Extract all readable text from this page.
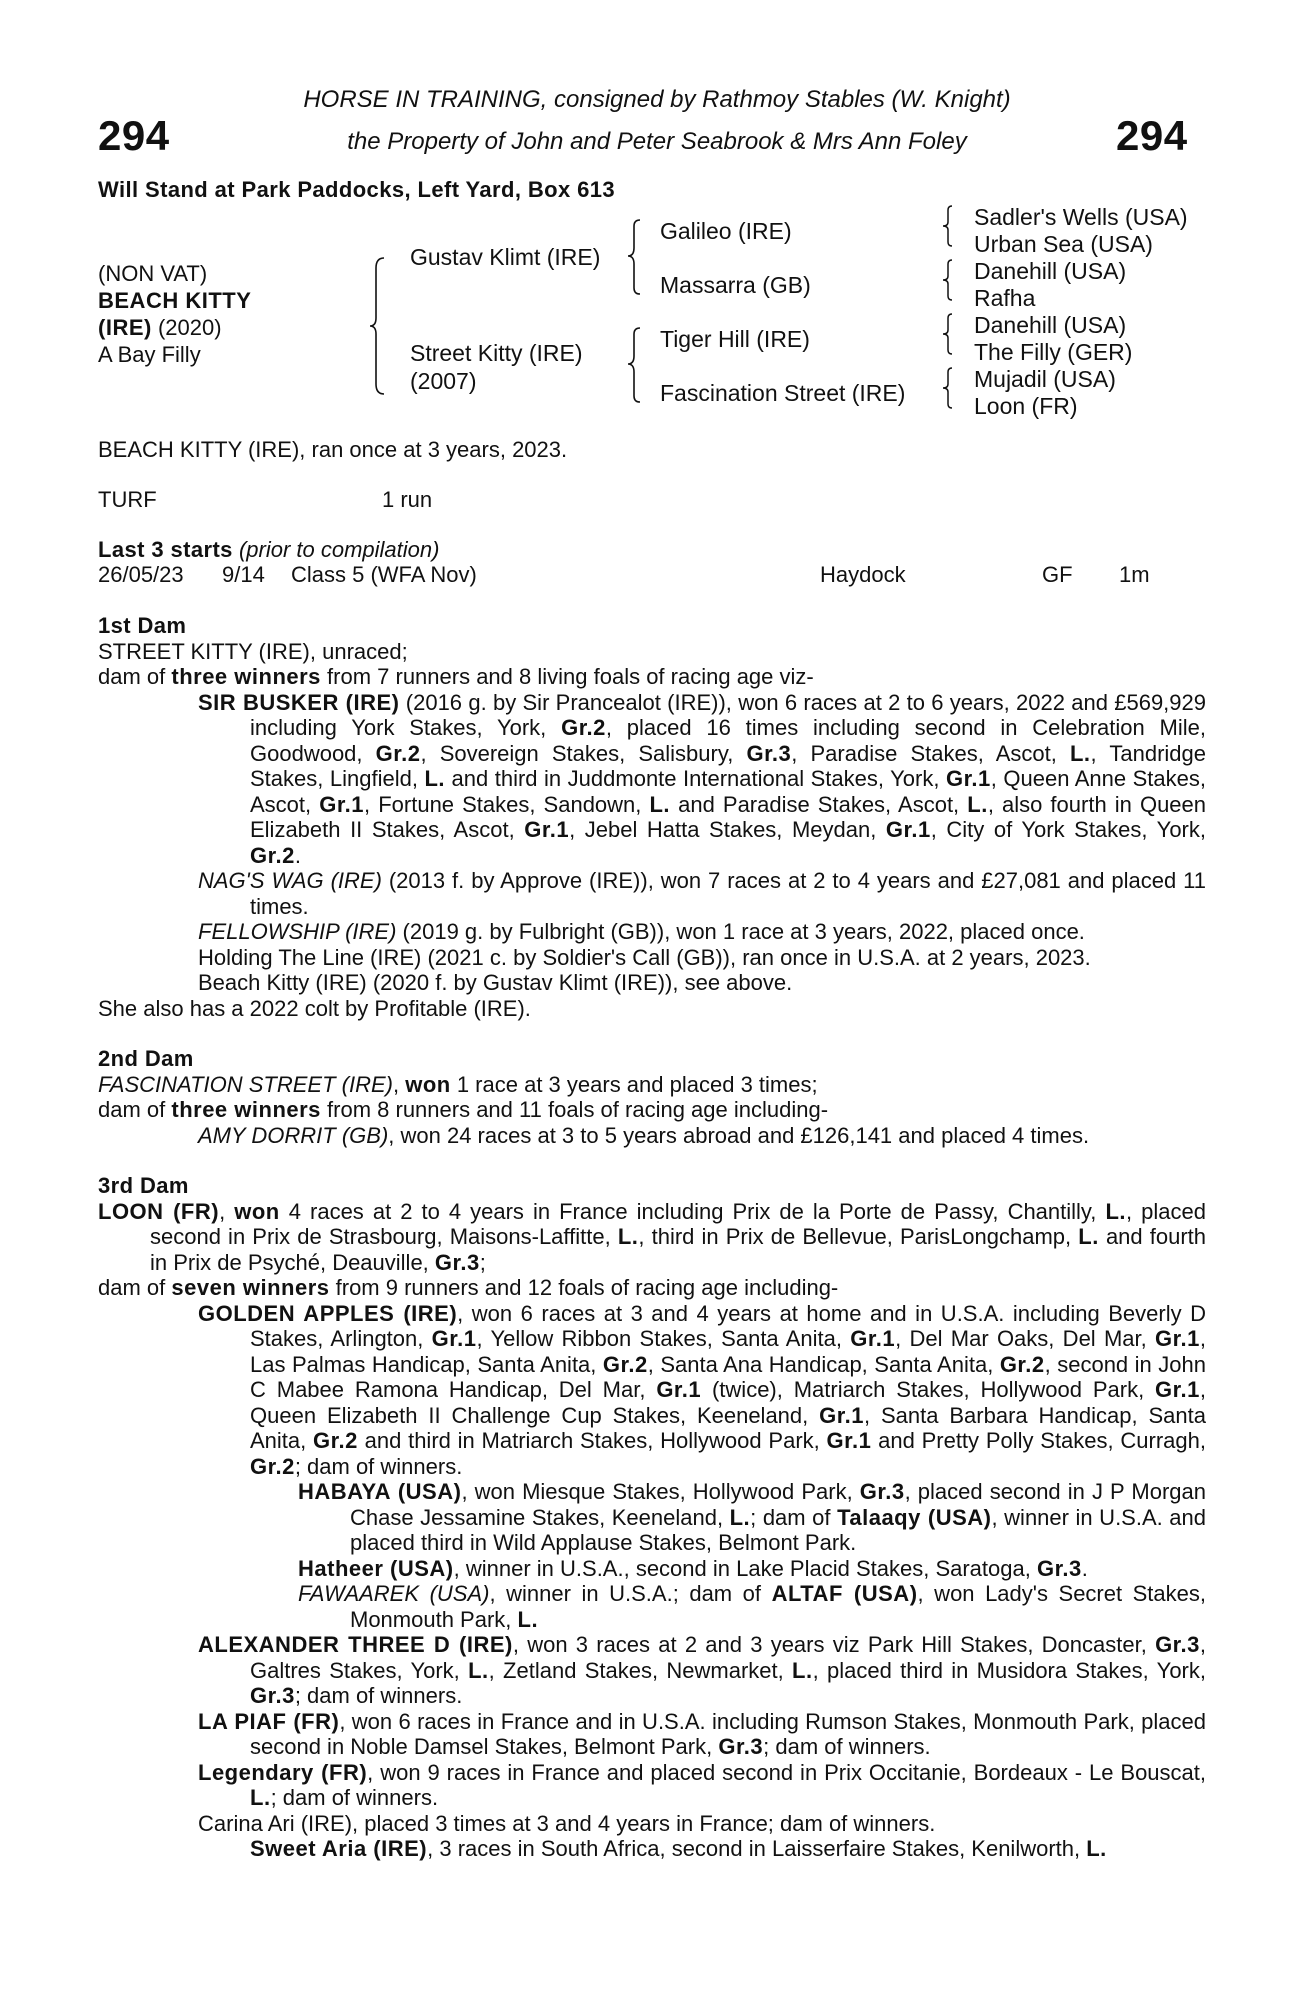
294	294
HORSE IN TRAINING, consigned by Rathmoy Stables (W. Knight)
the Property of John and Peter Seabrook & Mrs Ann Foley
Will Stand at Park Paddocks, Left Yard, Box 613
(NON VAT)
BEACH KITTY
(IRE) (2020)
A Bay Filly
Gustav Klimt (IRE)
Street Kitty (IRE)
(2007)
Galileo (IRE)
Massarra (GB)
Tiger Hill (IRE)
Fascination Street (IRE)
Sadler's Wells (USA)
Urban Sea (USA)
Danehill (USA)
Rafha
Danehill (USA)
The Filly (GER)
Mujadil (USA)
Loon (FR)
BEACH KITTY (IRE), ran once at 3 years, 2023.
TURF	1 run
Last 3 starts (prior to compilation)
26/05/23 9/14 Class 5 (WFA Nov)	Haydock	GF 1m

1st Dam

STREET KITTY (IRE), unraced;

dam of three winners from 7 runners and 8 living foals of racing age viz-

SIR BUSKER (IRE) (2016 g. by Sir Prancealot (IRE)), won 6 races at 2 to 6 years, 2022 and £569,929 including York Stakes, York, Gr.2, placed 16 times including second in Celebration Mile, Goodwood, Gr.2, Sovereign Stakes, Salisbury, Gr.3, Paradise Stakes, Ascot, L., Tandridge Stakes, Lingfield, L. and third in Juddmonte International Stakes, York, Gr.1, Queen Anne Stakes, Ascot, Gr.1, Fortune Stakes, Sandown, L. and Paradise Stakes, Ascot, L., also fourth in Queen Elizabeth II Stakes, Ascot, Gr.1, Jebel Hatta Stakes, Meydan, Gr.1, City of York Stakes, York, Gr.2.

NAG'S WAG (IRE) (2013 f. by Approve (IRE)), won 7 races at 2 to 4 years and £27,081 and placed 11 times.

FELLOWSHIP (IRE) (2019 g. by Fulbright (GB)), won 1 race at 3 years, 2022, placed once.

Holding The Line (IRE) (2021 c. by Soldier's Call (GB)), ran once in U.S.A. at 2 years, 2023.

Beach Kitty (IRE) (2020 f. by Gustav Klimt (IRE)), see above.

She also has a 2022 colt by Profitable (IRE).

2nd Dam

FASCINATION STREET (IRE), won 1 race at 3 years and placed 3 times;

dam of three winners from 8 runners and 11 foals of racing age including-

AMY DORRIT (GB), won 24 races at 3 to 5 years abroad and £126,141 and placed 4 times.

3rd Dam

LOON (FR), won 4 races at 2 to 4 years in France including Prix de la Porte de Passy, Chantilly, L., placed second in Prix de Strasbourg, Maisons-Laffitte, L., third in Prix de Bellevue, ParisLongchamp, L. and fourth in Prix de Psyché, Deauville, Gr.3;

dam of seven winners from 9 runners and 12 foals of racing age including-

GOLDEN APPLES (IRE), won 6 races at 3 and 4 years at home and in U.S.A. including Beverly D Stakes, Arlington, Gr.1, Yellow Ribbon Stakes, Santa Anita, Gr.1, Del Mar Oaks, Del Mar, Gr.1, Las Palmas Handicap, Santa Anita, Gr.2, Santa Ana Handicap, Santa Anita, Gr.2, second in John C Mabee Ramona Handicap, Del Mar, Gr.1 (twice), Matriarch Stakes, Hollywood Park, Gr.1, Queen Elizabeth II Challenge Cup Stakes, Keeneland, Gr.1, Santa Barbara Handicap, Santa Anita, Gr.2 and third in Matriarch Stakes, Hollywood Park, Gr.1 and Pretty Polly Stakes, Curragh, Gr.2; dam of winners.

HABAYA (USA), won Miesque Stakes, Hollywood Park, Gr.3, placed second in J P Morgan Chase Jessamine Stakes, Keeneland, L.; dam of Talaaqy (USA), winner in U.S.A. and placed third in Wild Applause Stakes, Belmont Park.

Hatheer (USA), winner in U.S.A., second in Lake Placid Stakes, Saratoga, Gr.3.

FAWAAREK (USA), winner in U.S.A.; dam of ALTAF (USA), won Lady's Secret Stakes, Monmouth Park, L.

ALEXANDER THREE D (IRE), won 3 races at 2 and 3 years viz Park Hill Stakes, Doncaster, Gr.3, Galtres Stakes, York, L., Zetland Stakes, Newmarket, L., placed third in Musidora Stakes, York, Gr.3; dam of winners.

LA PIAF (FR), won 6 races in France and in U.S.A. including Rumson Stakes, Monmouth Park, placed second in Noble Damsel Stakes, Belmont Park, Gr.3; dam of winners.

Legendary (FR), won 9 races in France and placed second in Prix Occitanie, Bordeaux - Le Bouscat, L.; dam of winners.

Carina Ari (IRE), placed 3 times at 3 and 4 years in France; dam of winners.

Sweet Aria (IRE), 3 races in South Africa, second in Laisserfaire Stakes, Kenilworth, L.
